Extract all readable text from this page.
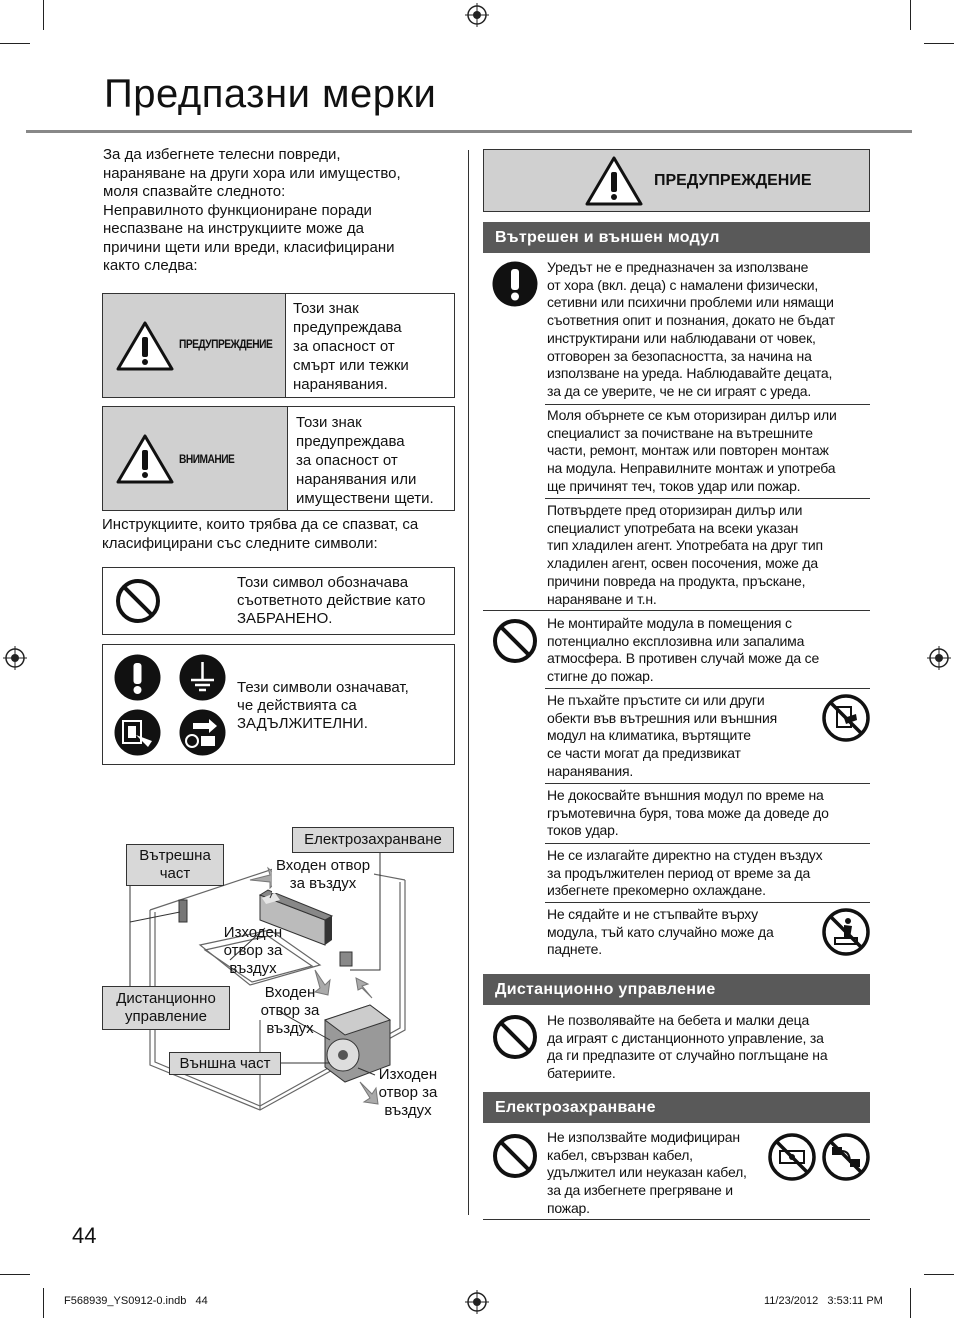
Предпазни мерки
За да избегнете телесни повреди,
нараняване на други хора или имущество,
моля спазвайте следното:
Неправилното функциониране поради
неспазване на инструкциите може да
причини щети или вреди, класифицирани
както следва:
ПРЕДУПРЕЖДЕНИЕ
Този знак
предупреждава
за опасност от
смърт или тежки
наранявания.
ВНИМАНИЕ
Този знак
предупреждава
за опасност от
наранявания или
имуществени щети.
Инструкциите, които трябва да се спазват, са
класифицирани със следните символи:
Този символ обозначава
съответното действие като
ЗАБРАНЕНО.
Тези символи означават,
че действията са
ЗАДЪЛЖИТЕЛНИ.
Вътрешна
част
Електрозахранване
Входен отвор
за въздух
Изходен
отвор за
въздух
Дистанционно
управление
Входен
отвор за
въздух
Външна част
Изходен
отвор за
въздух
44
ПРЕДУПРЕЖДЕНИЕ
Вътрешен и външен модул
Уредът не е предназначен за използване
от хора (вкл. деца) с намалени физически,
сетивни или психични проблеми или нямащи
съответния опит и познания, докато не бъдат
инструктирани или наблюдавани от човек,
отговорен за безопасността, за начина на
използване на уреда. Наблюдавайте децата,
за да се уверите, че не си играят с уреда.
Моля обърнете се към оторизиран дилър или
специалист за почистване на вътрешните
части, ремонт, монтаж или повторен монтаж
на модула. Неправилните монтаж и употреба
ще причинят теч, токов удар или пожар.
Потвърдете пред оторизиран дилър или
специалист употребата на всеки указан
тип хладилен агент. Употребата на друг тип
хладилен агент, освен посочения, може да
причини повреда на продукта, пръскане,
нараняване и т.н.
Не монтирайте модула в помещения с
потенциално експлозивна или запалима
атмосфера. В противен случай може да се
стигне до пожар.
Не пъхайте пръстите си или други
обекти във вътрешния или външния
модул на климатика, въртящите
се части могат да предизвикат
наранявания.
Не докосвайте външния модул по време на
гръмотевична буря, това може да доведе до
токов удар.
Не се излагайте директно на студен въздух
за продължителен период от време за да
избегнете прекомерно охлаждане.
Не сядайте и не стъпвайте върху
модула, тъй като случайно може да
паднете.
Дистанционно управление
Не позволявайте на бебета и малки деца
да играят с дистанционното управление, за
да ги предпазите от случайно поглъщане на
батериите.
Електрозахранване
Не използвайте модифициран
кабел, свързван кабел,
удължител или неуказан кабел,
за да избегнете прегряване и
пожар.
F568939_YS0912-0.indb   44	11/23/2012   3:53:11 PM
